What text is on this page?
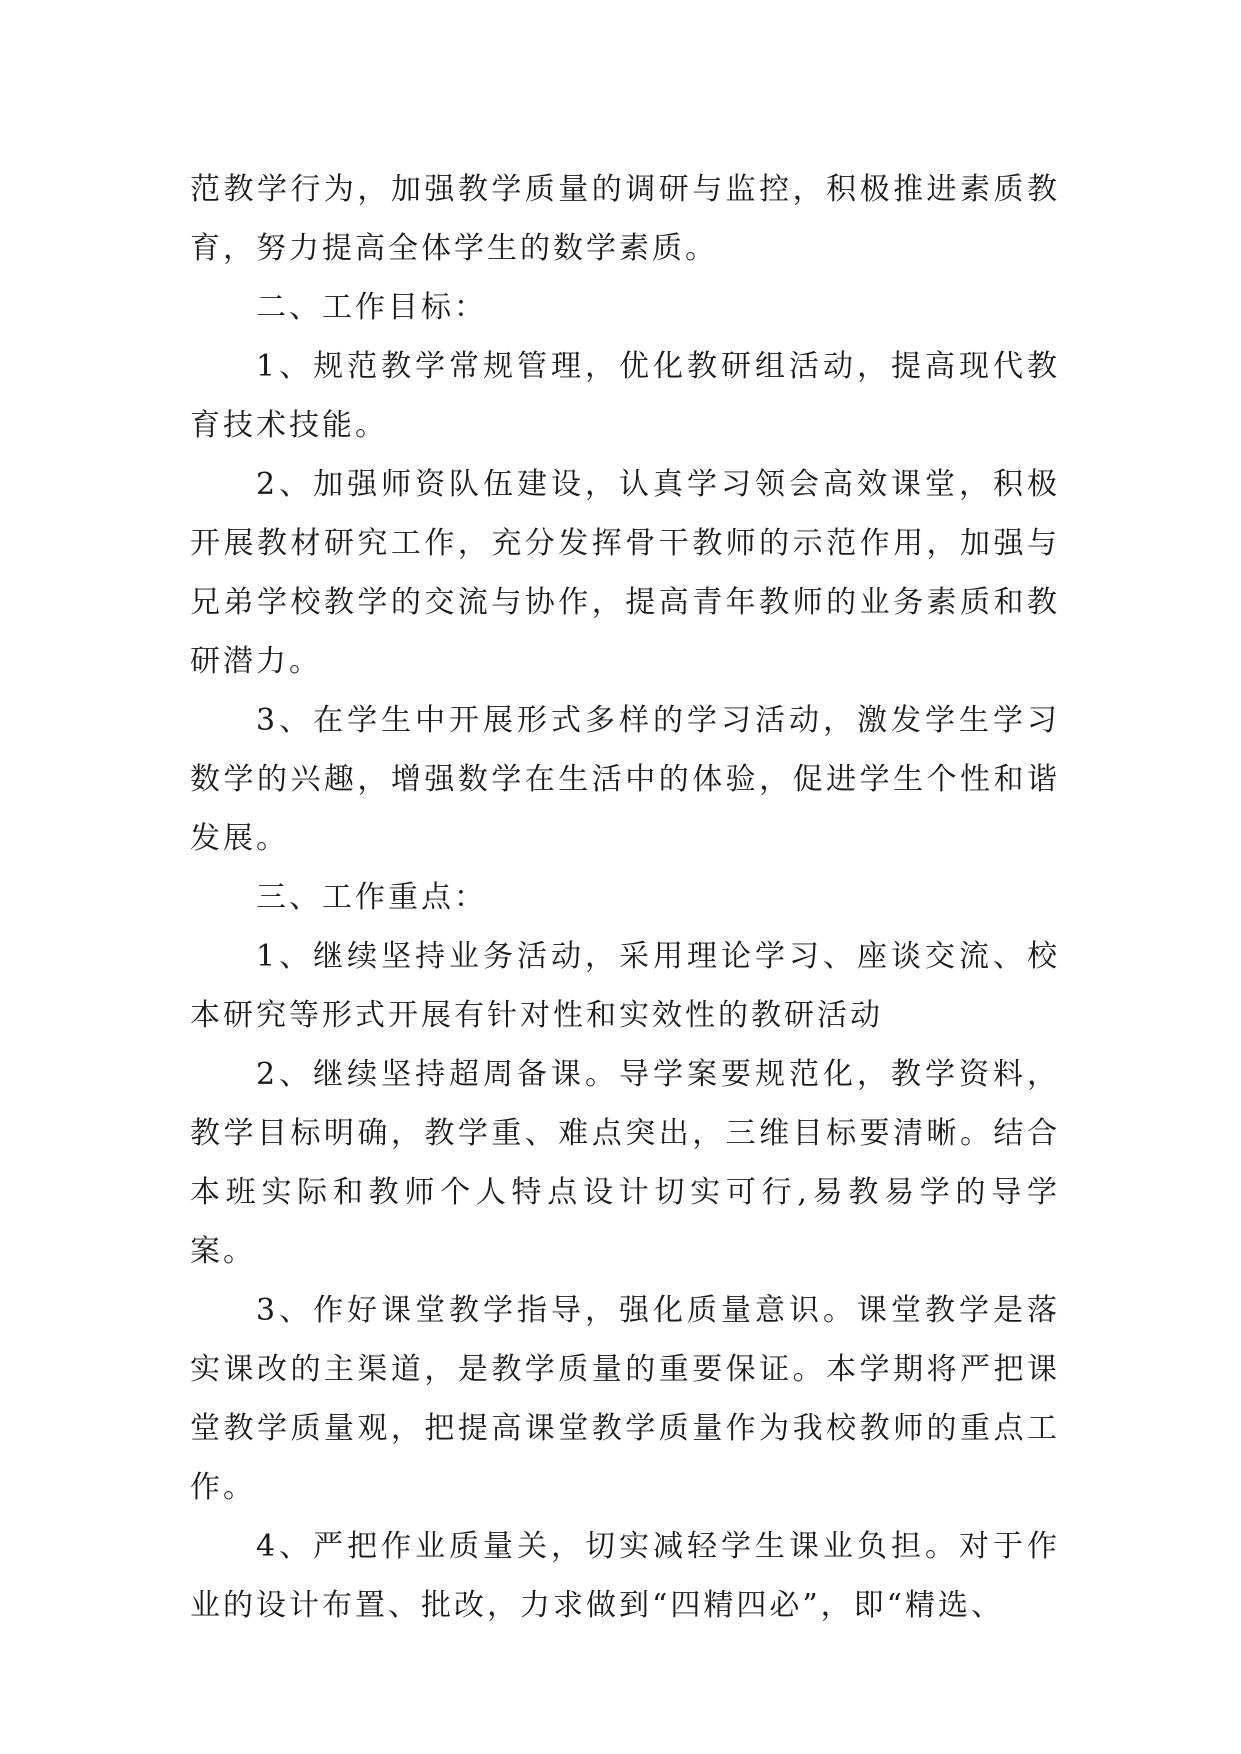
范教学行为，加强教学质量的调研与监控，积极推进素质教育，努力提高全体学生的数学素质。

二、工作目标：

1、规范教学常规管理，优化教研组活动，提高现代教育技术技能。

2、加强师资队伍建设，认真学习领会高效课堂，积极开展教材研究工作，充分发挥骨干教师的示范作用，加强与兄弟学校教学的交流与协作，提高青年教师的业务素质和教研潜力。

3、在学生中开展形式多样的学习活动，激发学生学习数学的兴趣，增强数学在生活中的体验，促进学生个性和谐发展。

三、工作重点：

1、继续坚持业务活动，采用理论学习、座谈交流、校本研究等形式开展有针对性和实效性的教研活动

2、继续坚持超周备课。导学案要规范化，教学资料，教学目标明确，教学重、难点突出，三维目标要清晰。结合本班实际和教师个人特点设计切实可行,易教易学的导学案。

3、作好课堂教学指导，强化质量意识。课堂教学是落实课改的主渠道，是教学质量的重要保证。本学期将严把课堂教学质量观，把提高课堂教学质量作为我校教师的重点工作。

4、严把作业质量关，切实减轻学生课业负担。对于作业的设计布置、批改，力求做到“四精四必”，即“精选、
